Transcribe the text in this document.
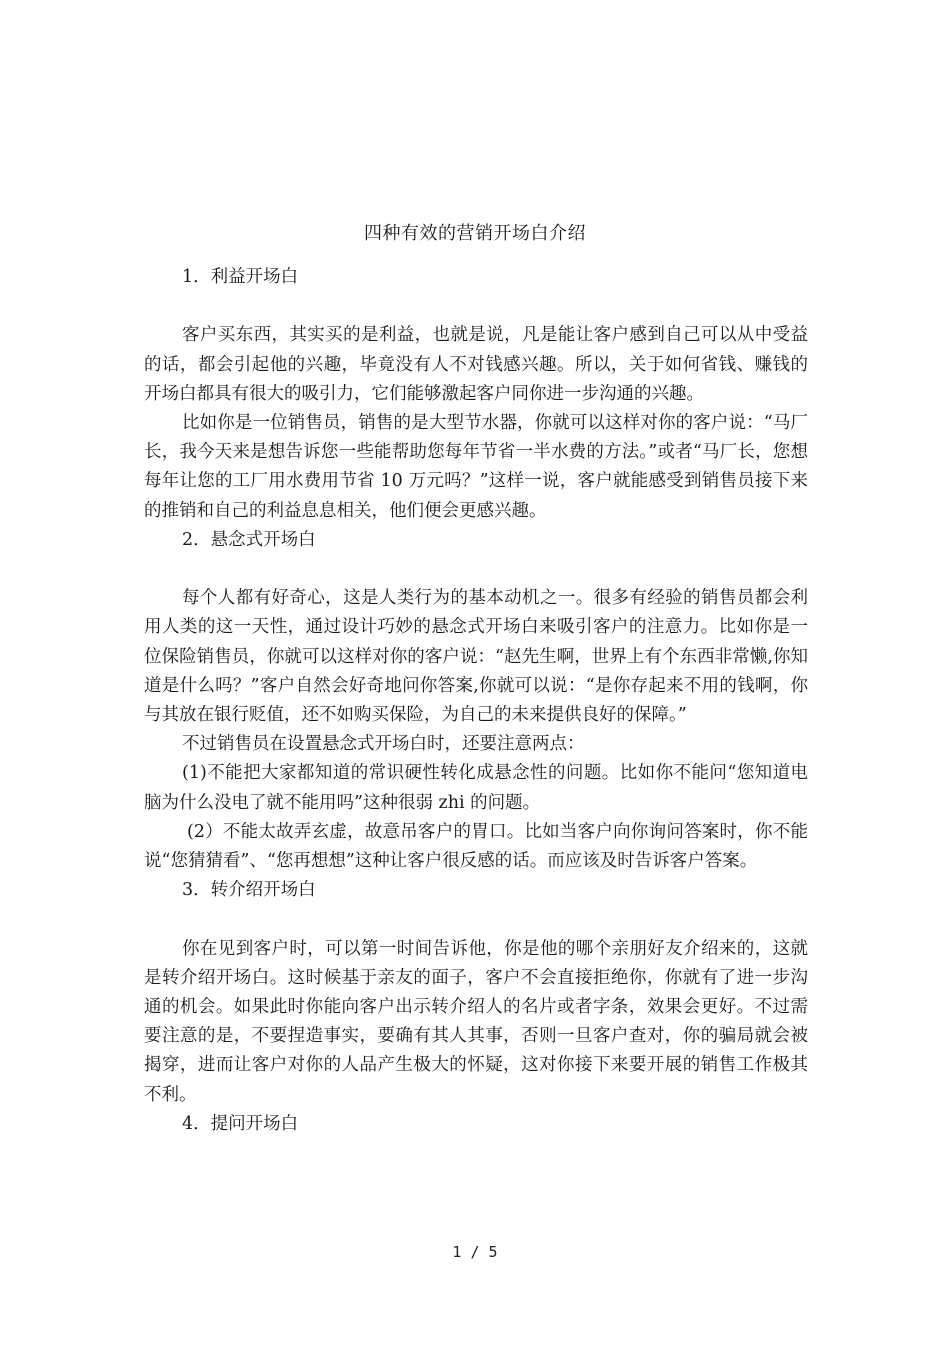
四种有效的营销开场白介绍

1．利益开场白

客户买东西，其实买的是利益，也就是说，凡是能让客户感到自己可以从中受益的话，都会引起他的兴趣，毕竟没有人不对钱感兴趣。所以，关于如何省钱、赚钱的开场白都具有很大的吸引力，它们能够激起客户同你进一步沟通的兴趣。

比如你是一位销售员，销售的是大型节水器，你就可以这样对你的客户说：“马厂长，我今天来是想告诉您一些能帮助您每年节省一半水费的方法。”或者“马厂长，您想每年让您的工厂用水费用节省 10 万元吗？”这样一说，客户就能感受到销售员接下来的推销和自己的利益息息相关，他们便会更感兴趣。

2．悬念式开场白

每个人都有好奇心，这是人类行为的基本动机之一。很多有经验的销售员都会利用人类的这一天性，通过设计巧妙的悬念式开场白来吸引客户的注意力。比如你是一位保险销售员，你就可以这样对你的客户说：“赵先生啊，世界上有个东西非常懒,你知道是什么吗？”客户自然会好奇地问你答案,你就可以说：“是你存起来不用的钱啊，你与其放在银行贬值，还不如购买保险，为自己的未来提供良好的保障。”

不过销售员在设置悬念式开场白时，还要注意两点：

(1)不能把大家都知道的常识硬性转化成悬念性的问题。比如你不能问“您知道电脑为什么没电了就不能用吗”这种很弱 zhi 的问题。

(2）不能太故弄玄虚，故意吊客户的胃口。比如当客户向你询问答案时，你不能说“您猜猜看”、“您再想想”这种让客户很反感的话。而应该及时告诉客户答案。

3．转介绍开场白

你在见到客户时，可以第一时间告诉他，你是他的哪个亲朋好友介绍来的，这就是转介绍开场白。这时候基于亲友的面子，客户不会直接拒绝你，你就有了进一步沟通的机会。如果此时你能向客户出示转介绍人的名片或者字条，效果会更好。不过需要注意的是，不要捏造事实，要确有其人其事，否则一旦客户查对，你的骗局就会被揭穿，进而让客户对你的人品产生极大的怀疑，这对你接下来要开展的销售工作极其不利。

4．提问开场白

1 / 5
